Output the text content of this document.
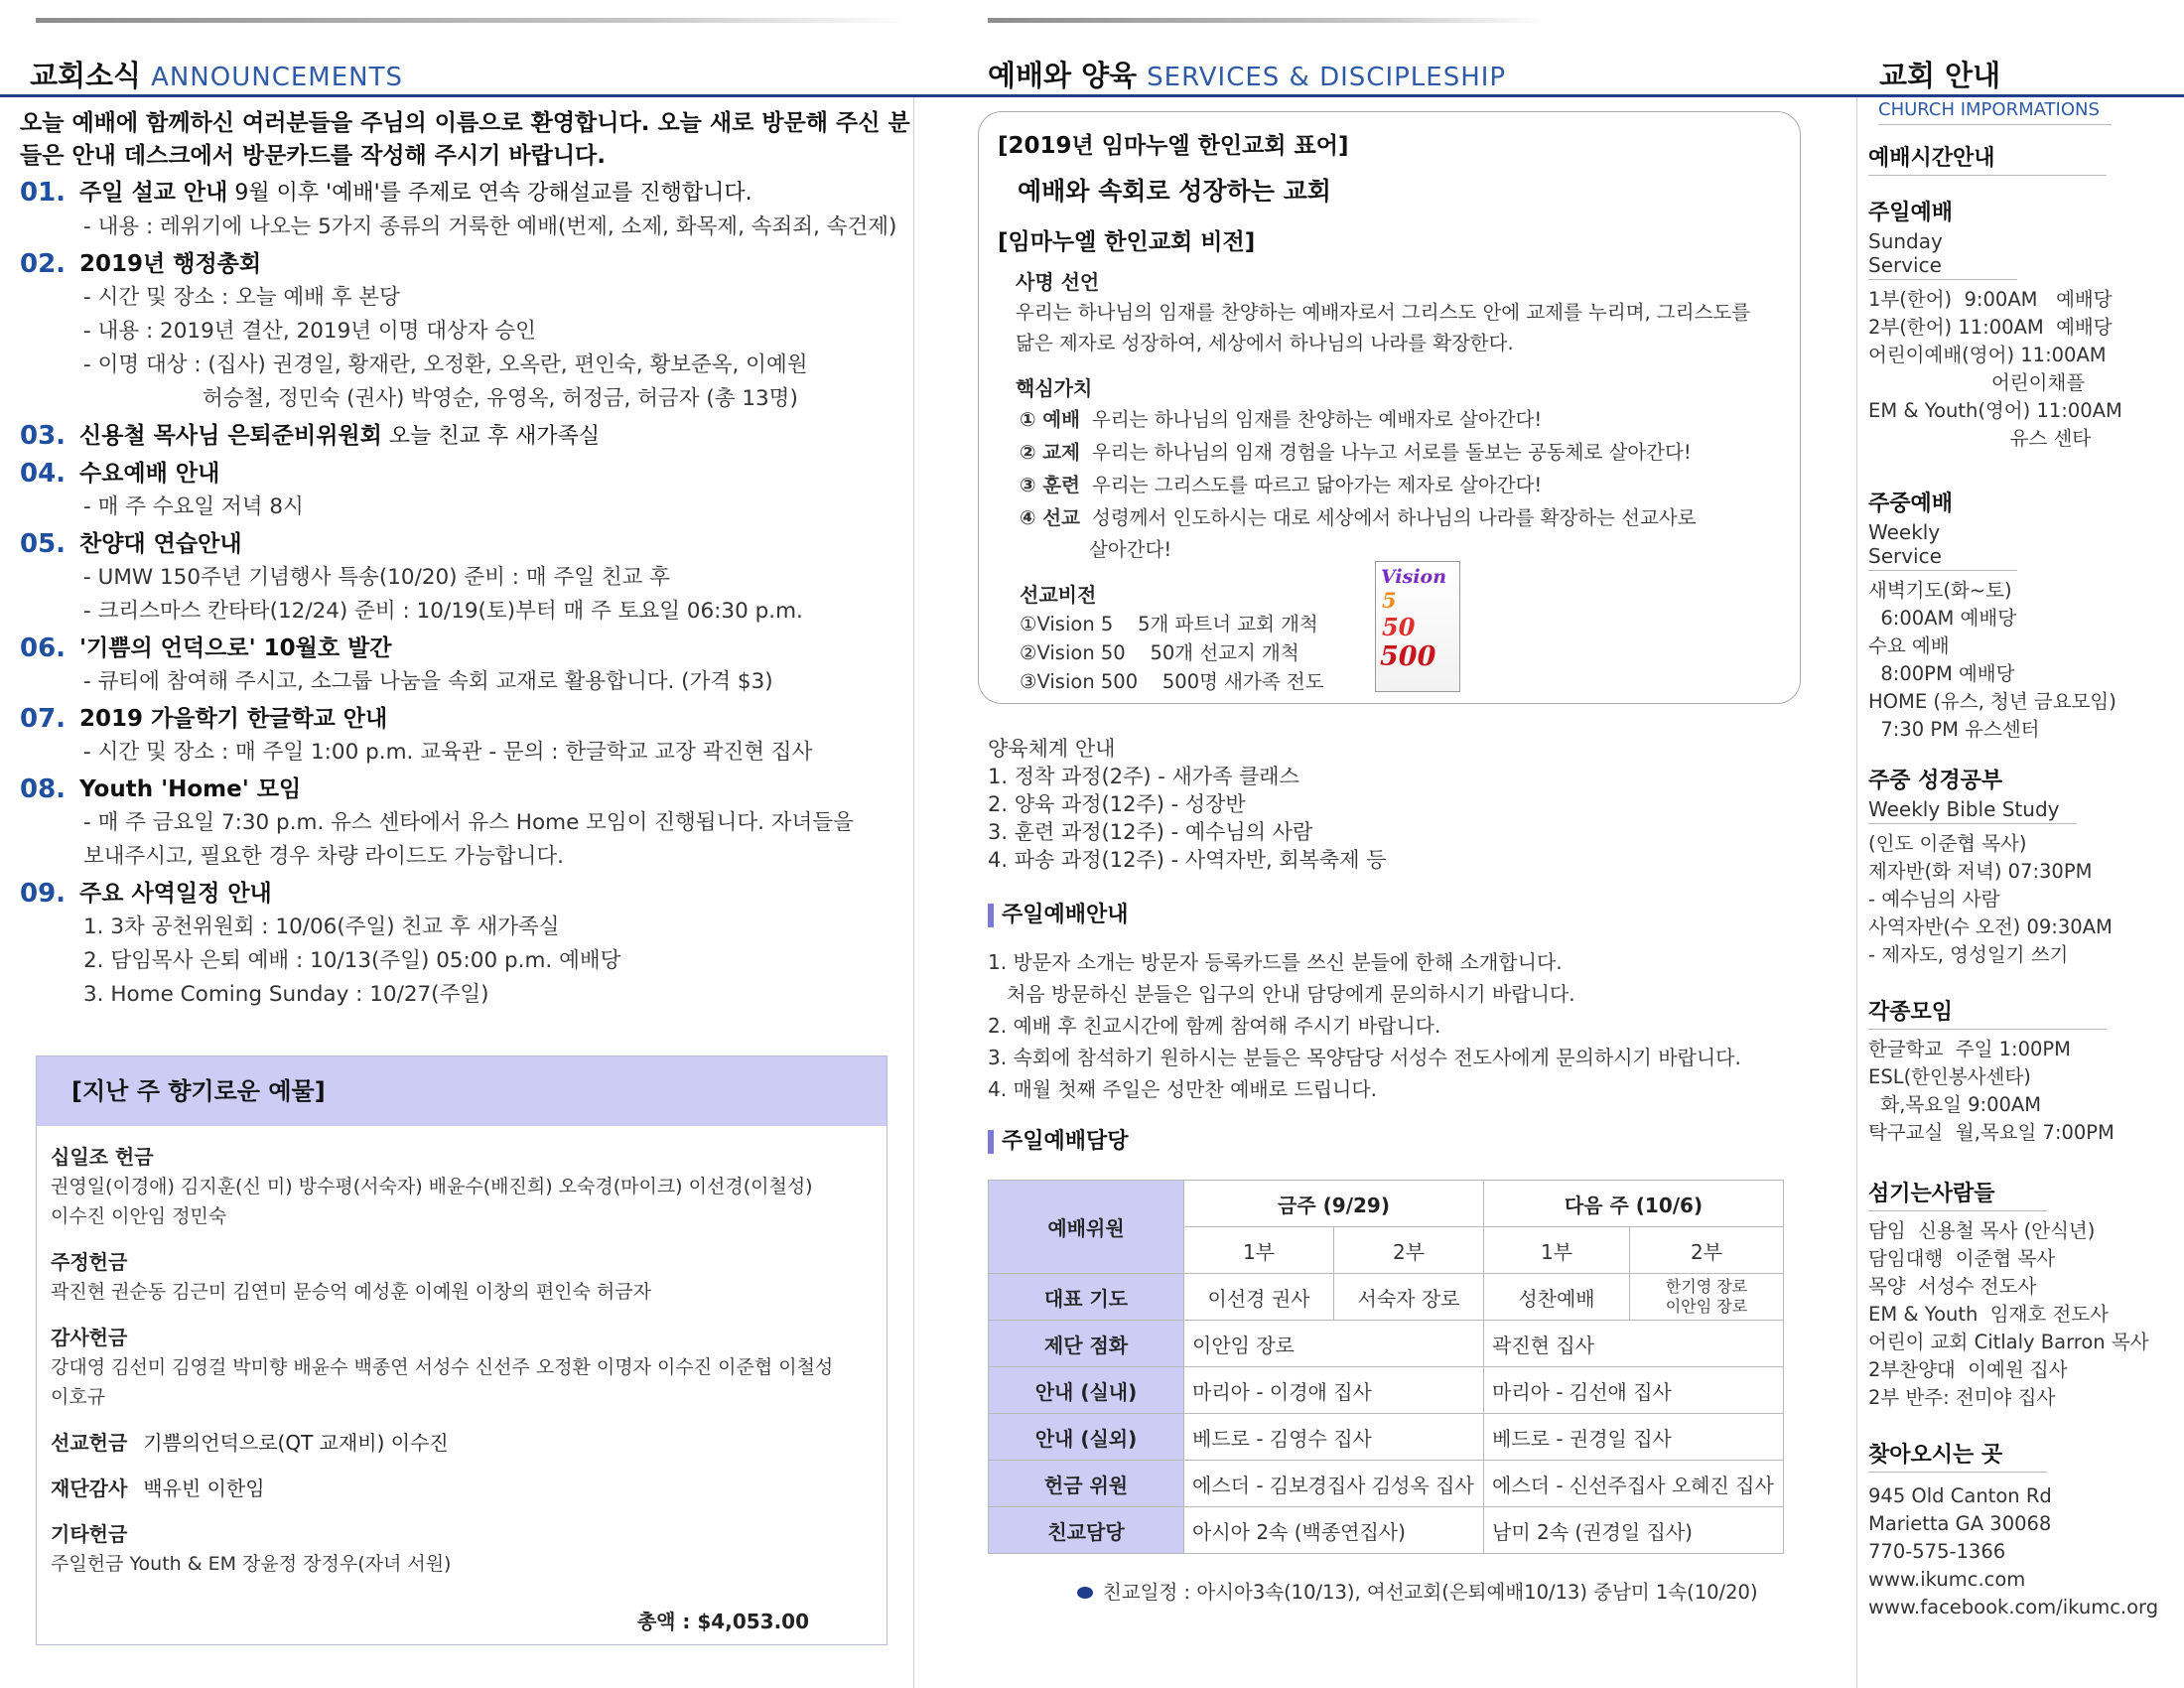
교회소식 ANNOUNCEMENTS	예배와 양육 SERVICES & DISCIPLESHIP	교회 안내
오늘 예배에 함께하신 여러분들을 주님의 이름으로 환영합니다. 오늘 새로 방문해 주신 분들은 안내 데스크에서 방문카드를 작성해 주시기 바랍니다.
01. 주일 설교 안내 9월 이후 '예배'를 주제로 연속 강해설교를 진행합니다.
- 내용 : 레위기에 나오는 5가지 종류의 거룩한 예배(번제, 소제, 화목제, 속죄죄, 속건제)
02. 2019년 행정총회
- 시간 및 장소 : 오늘 예배 후 본당
- 내용 : 2019년 결산, 2019년 이명 대상자 승인
- 이명 대상 : (집사) 권경일, 황재란, 오정환, 오옥란, 편인숙, 황보준옥, 이예원
허승철, 정민숙 (권사) 박영순, 유영옥, 허정금, 허금자 (총 13명)
03. 신용철 목사님 은퇴준비위원회 오늘 친교 후 새가족실
04. 수요예배 안내
- 매 주 수요일 저녁 8시
05. 찬양대 연습안내
- UMW 150주년 기념행사 특송(10/20) 준비 : 매 주일 친교 후
- 크리스마스 칸타타(12/24) 준비 : 10/19(토)부터 매 주 토요일 06:30 p.m.
06. '기쁨의 언덕으로' 10월호 발간
- 큐티에 참여해 주시고, 소그룹 나눔을 속회 교재로 활용합니다. (가격 $3)
07. 2019 가을학기 한글학교 안내
- 시간 및 장소 : 매 주일 1:00 p.m. 교육관 - 문의 : 한글학교 교장 곽진현 집사
08. Youth 'Home' 모임
- 매 주 금요일 7:30 p.m. 유스 센타에서 유스 Home 모임이 진행됩니다. 자녀들을
보내주시고, 필요한 경우 차량 라이드도 가능합니다.
09. 주요 사역일정 안내
1. 3차 공천위원회 : 10/06(주일) 친교 후 새가족실
2. 담임목사 은퇴 예배 : 10/13(주일) 05:00 p.m. 예배당
3. Home Coming Sunday : 10/27(주일)
[지난 주 향기로운 예물]
십일조 헌금
권영일(이경애) 김지훈(신 미) 방수평(서숙자) 배윤수(배진희) 오숙경(마이크) 이선경(이철성)
이수진 이안임 정민숙
주정헌금
곽진현 권순동 김근미 김연미 문승억 예성훈 이예원 이창의 편인숙 허금자
감사헌금
강대영 김선미 김영걸 박미향 배윤수 백종연 서성수 신선주 오정환 이명자 이수진 이준협 이철성
이호규
선교헌금 기쁨의언덕으로(QT 교재비) 이수진
재단감사 백유빈 이한임
기타헌금
주일헌금 Youth & EM 장윤정 장정우(자녀 서원)
총액 : $4,053.00
[2019년 임마누엘 한인교회 표어]
예배와 속회로 성장하는 교회
[임마누엘 한인교회 비전]
사명 선언
우리는 하나님의 임재를 찬양하는 예배자로서 그리스도 안에 교제를 누리며, 그리스도를
닮은 제자로 성장하여, 세상에서 하나님의 나라를 확장한다.
핵심가치
① 예배 우리는 하나님의 임재를 찬양하는 예배자로 살아간다!
② 교제 우리는 하나님의 임재 경험을 나누고 서로를 돌보는 공동체로 살아간다!
③ 훈련 우리는 그리스도를 따르고 닮아가는 제자로 살아간다!
④ 선교 성령께서 인도하시는 대로 세상에서 하나님의 나라를 확장하는 선교사로
살아간다!
선교비전
①Vision 5    5개 파트너 교회 개척
②Vision 50    50개 선교지 개척
③Vision 500    500명 새가족 전도
Vision
5
50
500
양육체계 안내
1. 정착 과정(2주) - 새가족 클래스
2. 양육 과정(12주) - 성장반
3. 훈련 과정(12주) - 예수님의 사람
4. 파송 과정(12주) - 사역자반, 회복축제 등
주일예배안내
1. 방문자 소개는 방문자 등록카드를 쓰신 분들에 한해 소개합니다.
처음 방문하신 분들은 입구의 안내 담당에게 문의하시기 바랍니다.
2. 예배 후 친교시간에 함께 참여해 주시기 바랍니다.
3. 속회에 참석하기 원하시는 분들은 목양담당 서성수 전도사에게 문의하시기 바랍니다.
4. 매월 첫째 주일은 성만찬 예배로 드립니다.
주일예배담당
예배위원	금주 (9/29)		다음 주 (10/6)	
	1부	2부	1부	2부
대표 기도	이선경 권사	서숙자 장로	성찬예배	한기영 장로
이안임 장로

제단 점화	이안임 장로		곽진현 집사	
안내 (실내)	마리아 - 이경애 집사		마리아 - 김선애 집사	
안내 (실외)	베드로 - 김영수 집사		베드로 - 권경일 집사	
헌금 위원	에스더 - 김보경집사 김성옥 집사		에스더 - 신선주집사 오혜진 집사	
친교담당	아시아 2속 (백종연집사)		남미 2속 (권경일 집사)	
친교일정 : 아시아3속(10/13), 여선교회(은퇴예배10/13) 중남미 1속(10/20)
CHURCH IMPORMATIONS
예배시간안내
주일예배
Sunday Service
1부(한어)  9:00AM   예배당
2부(한어) 11:00AM  예배당
어린이예배(영어) 11:00AM
어린이채플
EM & Youth(영어) 11:00AM
유스 센타
주중예배
Weekly Service
새벽기도(화~토)
6:00AM 예배당
수요 예배
8:00PM 예배당
HOME (유스, 청년 금요모임)
7:30 PM 유스센터
주중 성경공부
Weekly Bible Study
(인도 이준협 목사)
제자반(화 저녁) 07:30PM
- 예수님의 사람
사역자반(수 오전) 09:30AM
- 제자도, 영성일기 쓰기
각종모임
한글학교  주일 1:00PM
ESL(한인봉사센타)
화,목요일 9:00AM
탁구교실  월,목요일 7:00PM
섬기는사람들
담임  신용철 목사 (안식년)
담임대행  이준협 목사
목양  서성수 전도사
EM & Youth  임재호 전도사
어린이 교회 Citlaly Barron 목사
2부찬양대  이예원 집사
2부 반주: 전미야 집사
찾아오시는 곳
945 Old Canton Rd
Marietta GA 30068
770-575-1366
www.ikumc.com
www.facebook.com/ikumc.org
